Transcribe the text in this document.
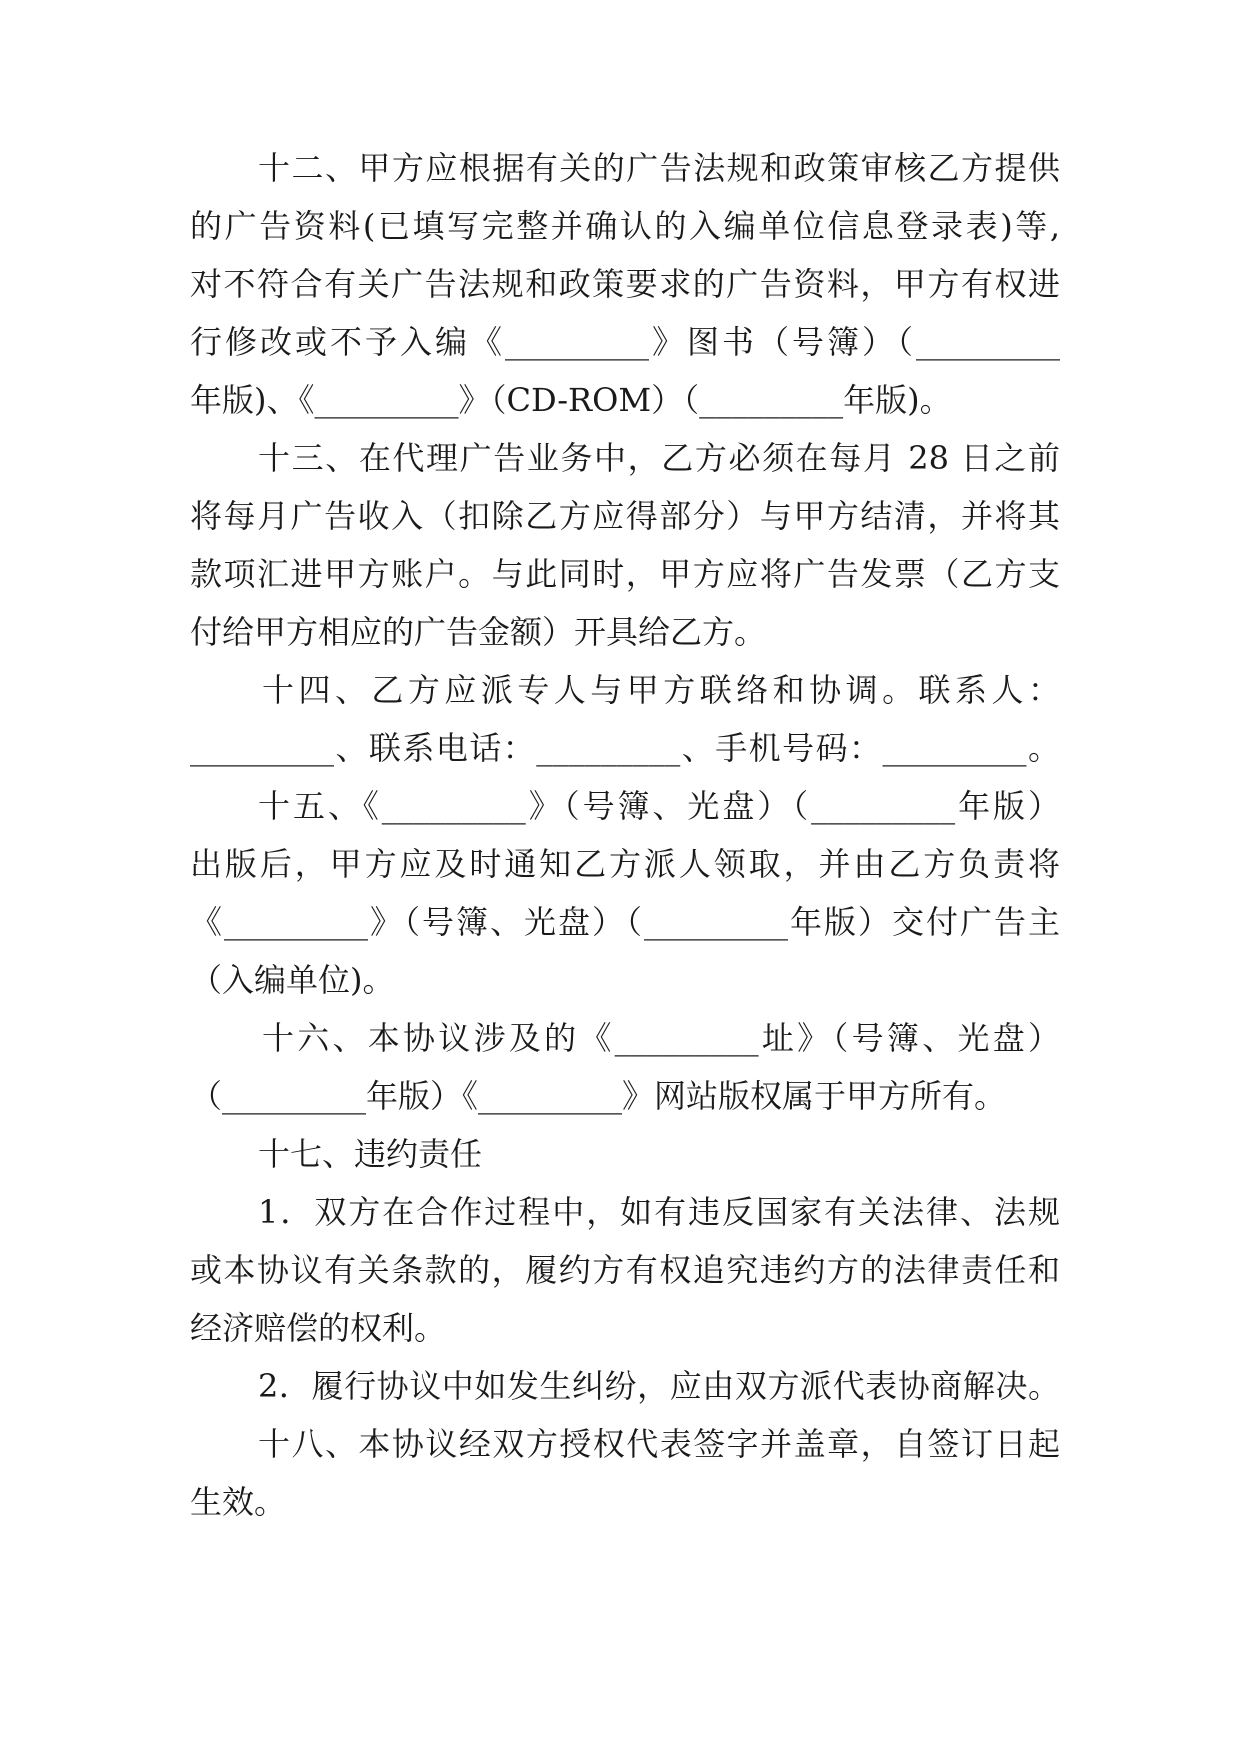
十二、甲方应根据有关的广告法规和政策审核乙方提供
的广告资料(已填写完整并确认的入编单位信息登录表)等,
对不符合有关广告法规和政策要求的广告资料，甲方有权进
行修改或不予入编《_________》图书（号簿）（_________
年版)、《_________》（CD-ROM）（_________年版)。
十三、在代理广告业务中，乙方必须在每月 28 日之前
将每月广告收入（扣除乙方应得部分）与甲方结清，并将其
款项汇进甲方账户。与此同时，甲方应将广告发票（乙方支
付给甲方相应的广告金额）开具给乙方。
十四、乙方应派专人与甲方联络和协调。联系人：
_________、联系电话：_________、手机号码：_________。
十五、《_________》（号簿、光盘）（_________年版）
出版后，甲方应及时通知乙方派人领取，并由乙方负责将
《_________》（号簿、光盘）（_________年版）交付广告主
（入编单位)。
十六、本协议涉及的《_________址》（号簿、光盘）
（_________年版）《_________》网站版权属于甲方所有。
十七、违约责任
1．双方在合作过程中，如有违反国家有关法律、法规
或本协议有关条款的，履约方有权追究违约方的法律责任和
经济赔偿的权利。
2．履行协议中如发生纠纷，应由双方派代表协商解决。
十八、本协议经双方授权代表签字并盖章，自签订日起
生效。
